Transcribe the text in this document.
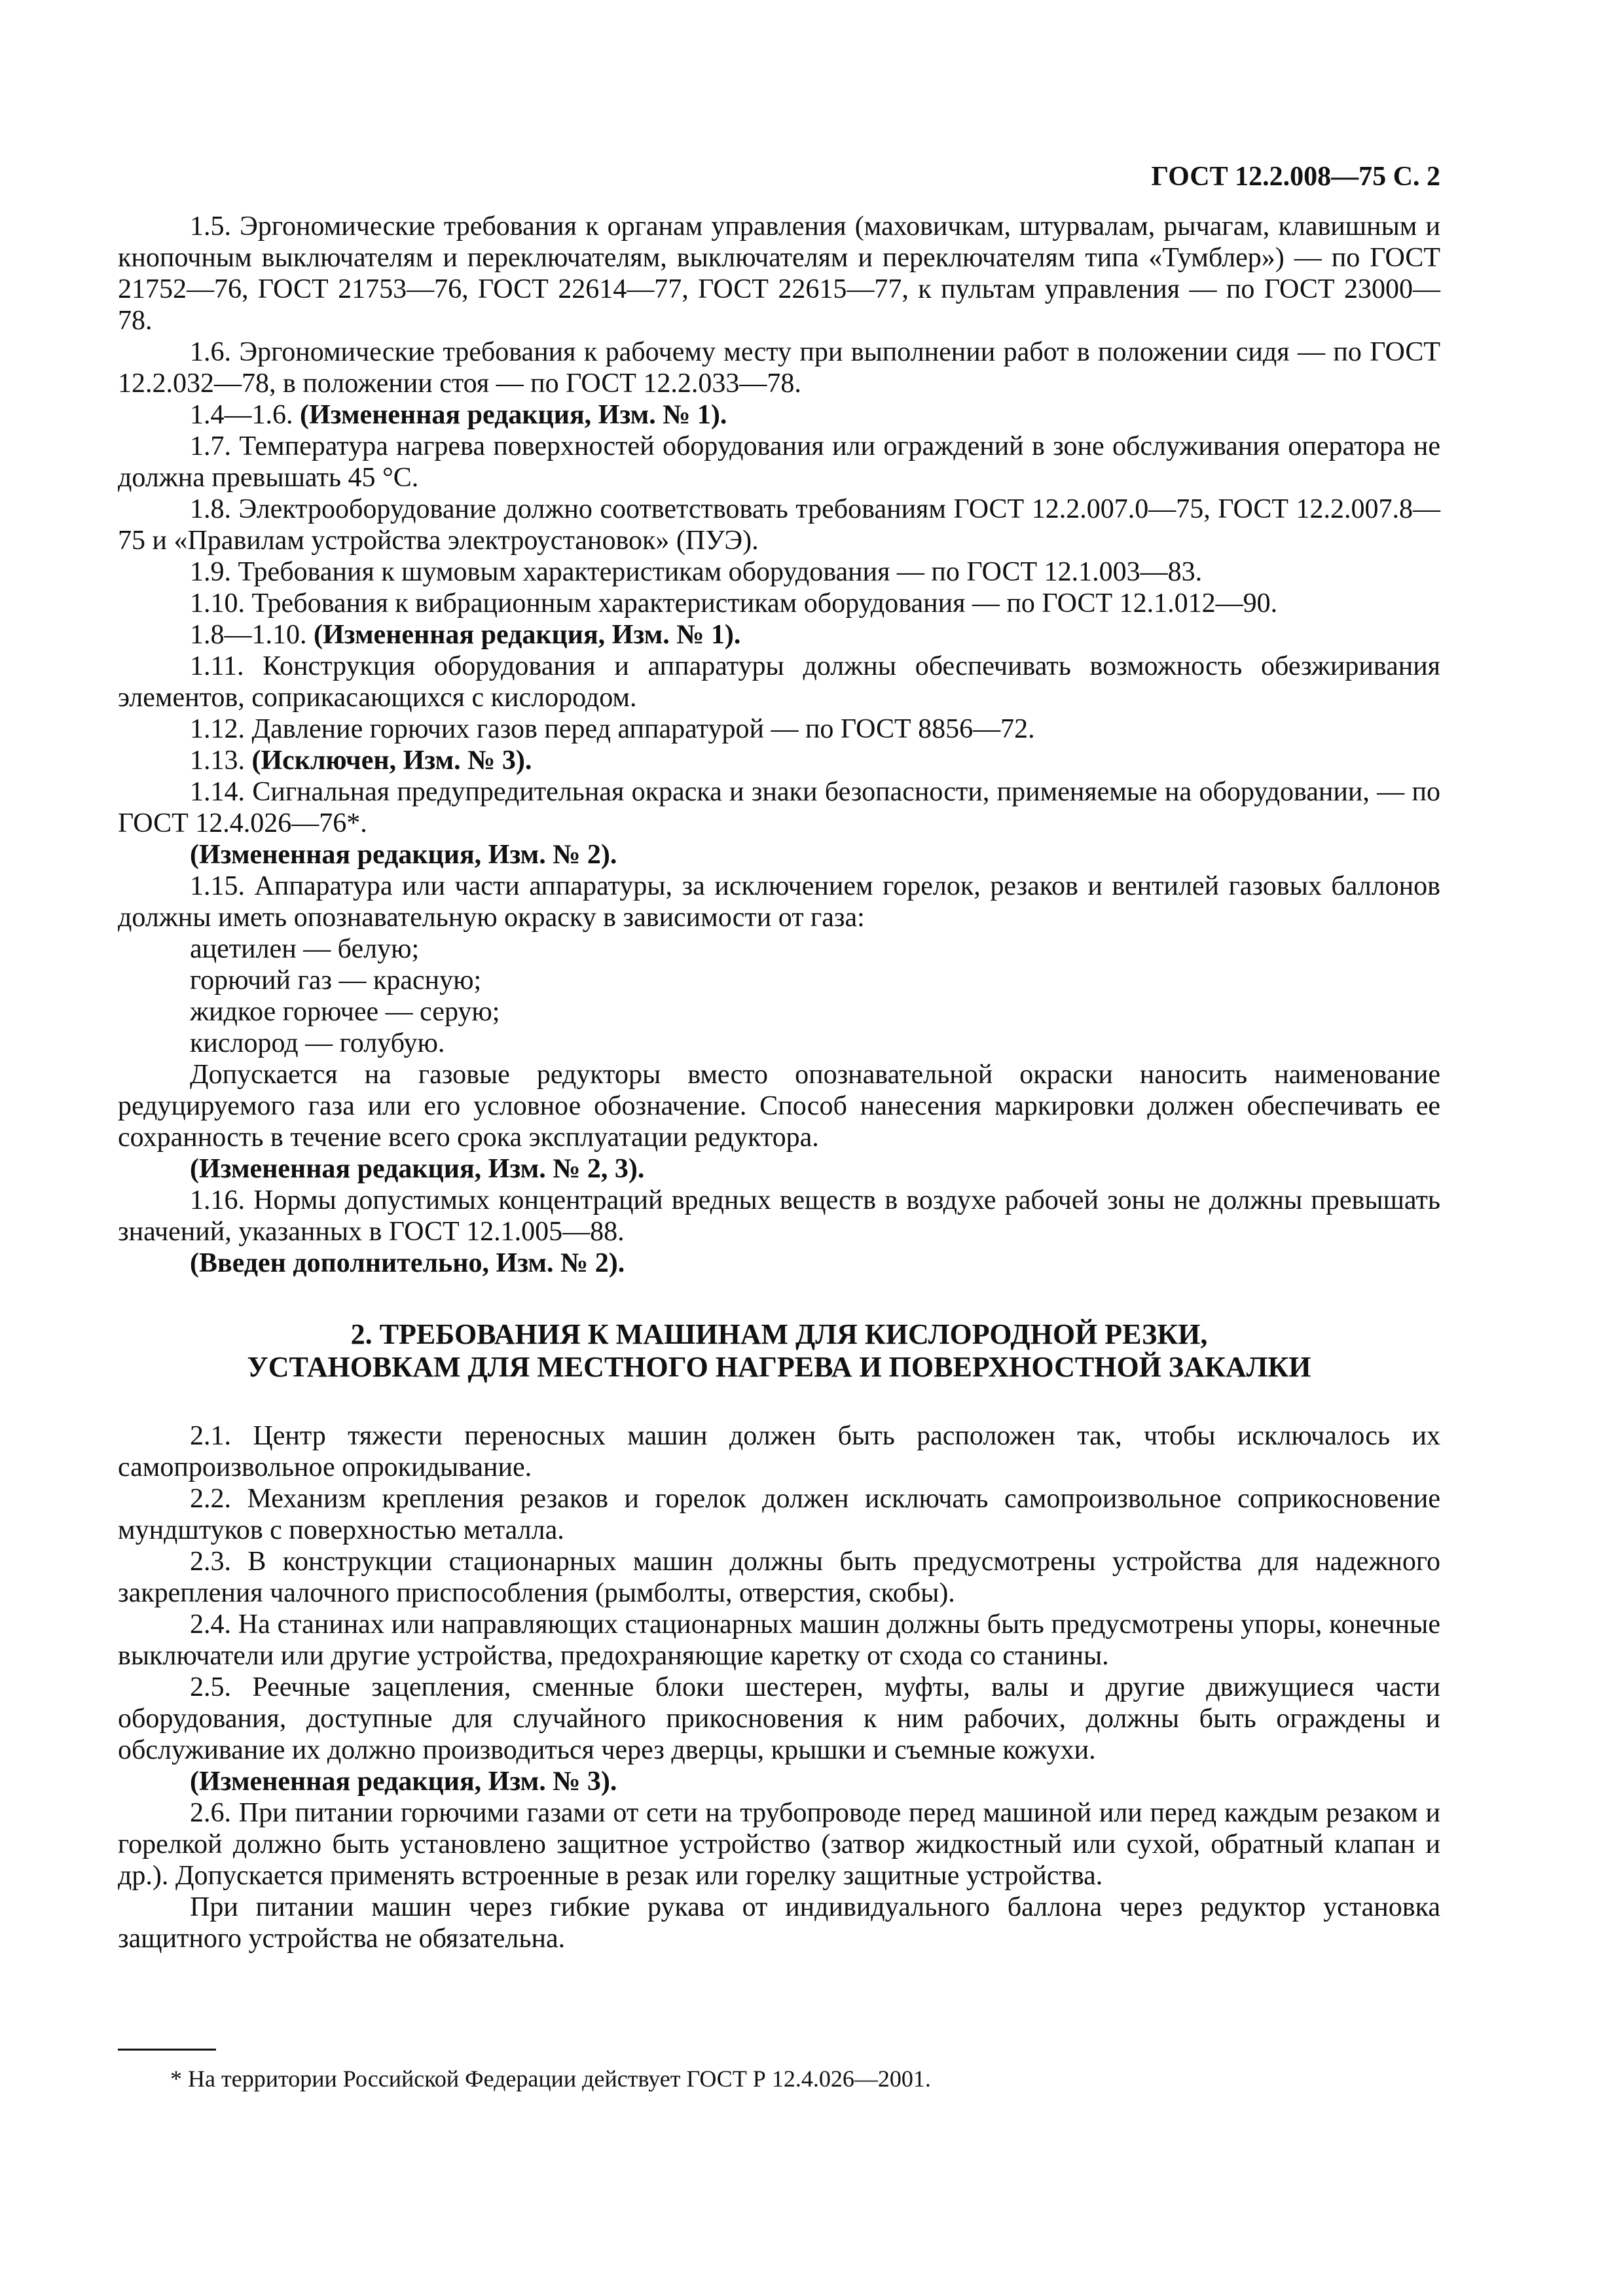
ГОСТ 12.2.008—75 С. 2

1.5. Эргономические требования к органам управления (маховичкам, штурвалам, рычагам, клавишным и кнопочным выключателям и переключателям, выключателям и переключателям типа «Тумблер») — по ГОСТ 21752—76, ГОСТ 21753—76, ГОСТ 22614—77, ГОСТ 22615—77, к пультам управления — по ГОСТ 23000—78.

1.6. Эргономические требования к рабочему месту при выполнении работ в положении сидя — по ГОСТ 12.2.032—78, в положении стоя — по ГОСТ 12.2.033—78.

1.4—1.6. (Измененная редакция, Изм. № 1).

1.7. Температура нагрева поверхностей оборудования или ограждений в зоне обслуживания оператора не должна превышать 45 °С.

1.8. Электрооборудование должно соответствовать требованиям ГОСТ 12.2.007.0—75, ГОСТ 12.2.007.8—75 и «Правилам устройства электроустановок» (ПУЭ).

1.9. Требования к шумовым характеристикам оборудования — по ГОСТ 12.1.003—83.

1.10. Требования к вибрационным характеристикам оборудования — по ГОСТ 12.1.012—90.

1.8—1.10. (Измененная редакция, Изм. № 1).

1.11. Конструкция оборудования и аппаратуры должны обеспечивать возможность обезжиривания элементов, соприкасающихся с кислородом.

1.12. Давление горючих газов перед аппаратурой — по ГОСТ 8856—72.

1.13. (Исключен, Изм. № 3).

1.14. Сигнальная предупредительная окраска и знаки безопасности, применяемые на оборудовании, — по ГОСТ 12.4.026—76*.

(Измененная редакция, Изм. № 2).

1.15. Аппаратура или части аппаратуры, за исключением горелок, резаков и вентилей газовых баллонов должны иметь опознавательную окраску в зависимости от газа:

ацетилен — белую;

горючий газ — красную;

жидкое горючее — серую;

кислород — голубую.

Допускается на газовые редукторы вместо опознавательной окраски наносить наименование редуцируемого газа или его условное обозначение. Способ нанесения маркировки должен обеспечивать ее сохранность в течение всего срока эксплуатации редуктора.

(Измененная редакция, Изм. № 2, 3).

1.16. Нормы допустимых концентраций вредных веществ в воздухе рабочей зоны не должны превышать значений, указанных в ГОСТ 12.1.005—88.

(Введен дополнительно, Изм. № 2).

2. ТРЕБОВАНИЯ К МАШИНАМ ДЛЯ КИСЛОРОДНОЙ РЕЗКИ,
УСТАНОВКАМ ДЛЯ МЕСТНОГО НАГРЕВА И ПОВЕРХНОСТНОЙ ЗАКАЛКИ

2.1. Центр тяжести переносных машин должен быть расположен так, чтобы исключалось их самопроизвольное опрокидывание.

2.2. Механизм крепления резаков и горелок должен исключать самопроизвольное соприкосновение мундштуков с поверхностью металла.

2.3. В конструкции стационарных машин должны быть предусмотрены устройства для надежного закрепления чалочного приспособления (рымболты, отверстия, скобы).

2.4. На станинах или направляющих стационарных машин должны быть предусмотрены упоры, конечные выключатели или другие устройства, предохраняющие каретку от схода со станины.

2.5. Реечные зацепления, сменные блоки шестерен, муфты, валы и другие движущиеся части оборудования, доступные для случайного прикосновения к ним рабочих, должны быть ограждены и обслуживание их должно производиться через дверцы, крышки и съемные кожухи.

(Измененная редакция, Изм. № 3).

2.6. При питании горючими газами от сети на трубопроводе перед машиной или перед каждым резаком и горелкой должно быть установлено защитное устройство (затвор жидкостный или сухой, обратный клапан и др.). Допускается применять встроенные в резак или горелку защитные устройства.

При питании машин через гибкие рукава от индивидуального баллона через редуктор установка защитного устройства не обязательна.

* На территории Российской Федерации действует ГОСТ Р 12.4.026—2001.
